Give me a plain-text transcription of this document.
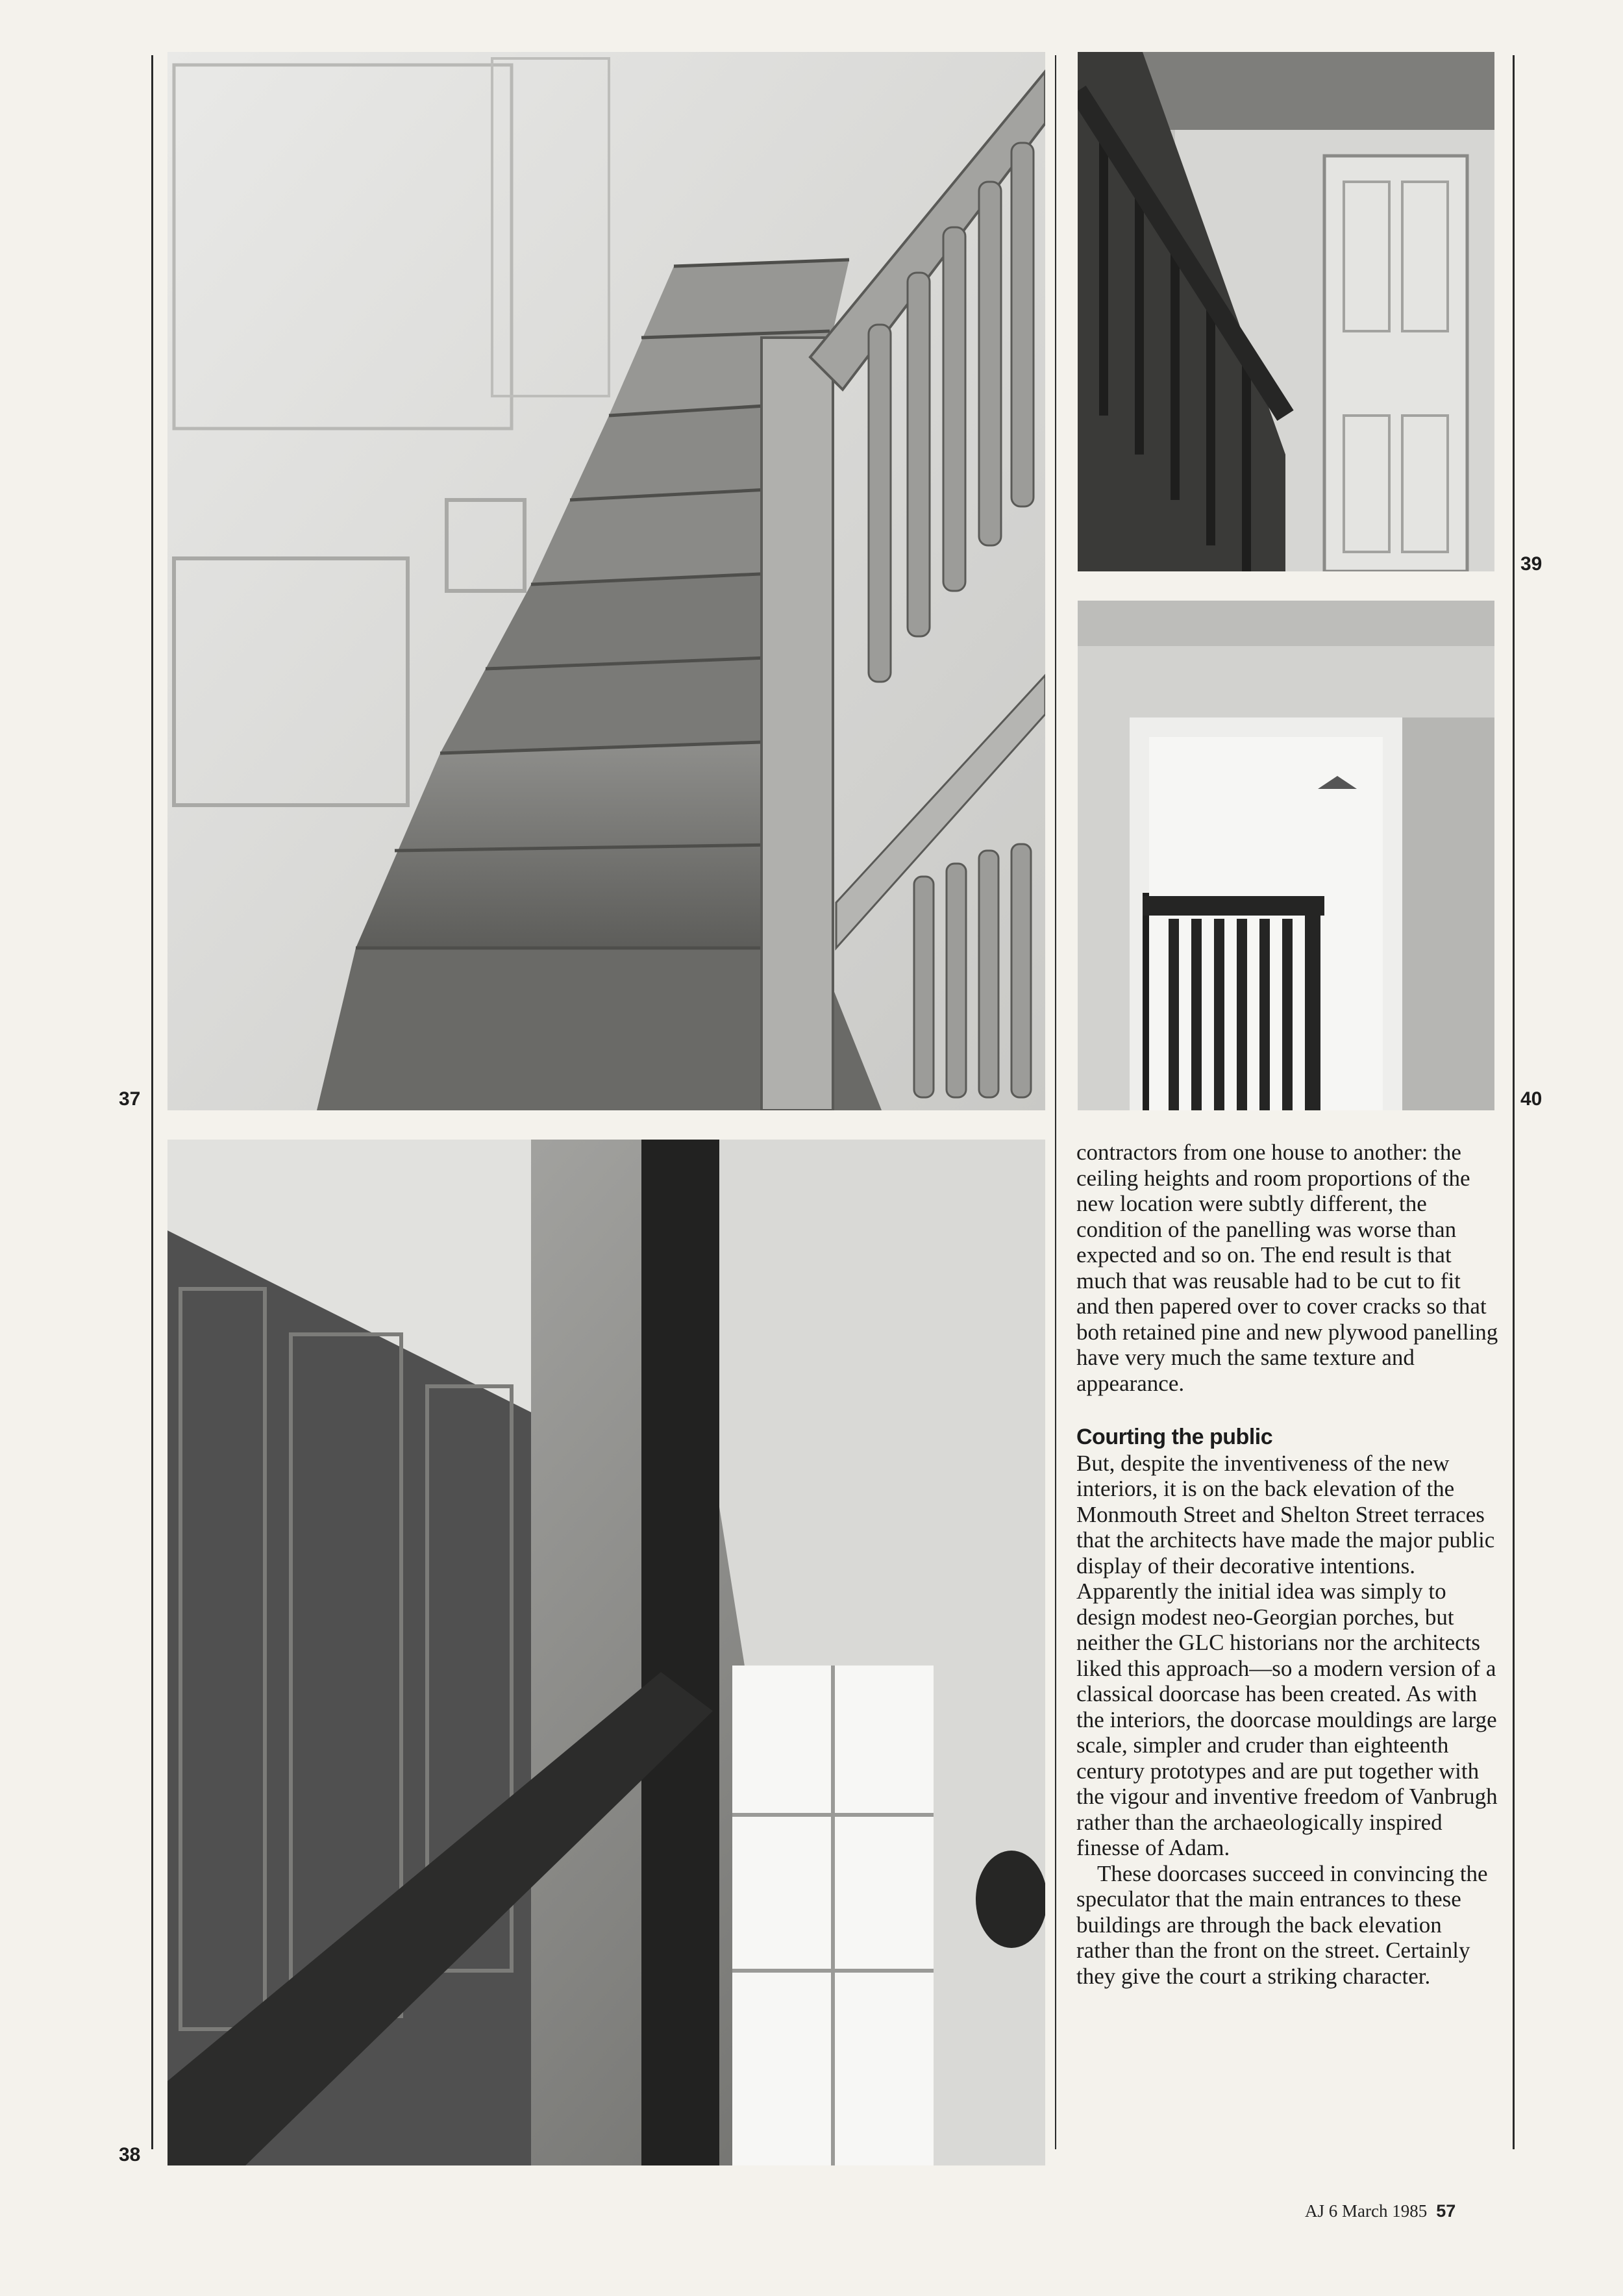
37
38
39
40

contractors from one house to another: the ceiling heights and room proportions of the new location were subtly different, the condition of the panelling was worse than expected and so on. The end result is that much that was reusable had to be cut to fit and then papered over to cover cracks so that both retained pine and new plywood panelling have very much the same texture and appearance.

Courting the public

But, despite the inventiveness of the new interiors, it is on the back elevation of the Monmouth Street and Shelton Street terraces that the architects have made the major public display of their decorative intentions. Apparently the initial idea was simply to design modest neo-Georgian porches, but neither the GLC historians nor the architects liked this approach—so a modern version of a classical doorcase has been created. As with the interiors, the doorcase mouldings are large scale, simpler and cruder than eighteenth century prototypes and are put together with the vigour and inventive freedom of Vanbrugh rather than the archaeologically inspired finesse of Adam.

These doorcases succeed in convincing the speculator that the main entrances to these buildings are through the back elevation rather than the front on the street. Certainly they give the court a striking character.

AJ 6 March 1985 57
